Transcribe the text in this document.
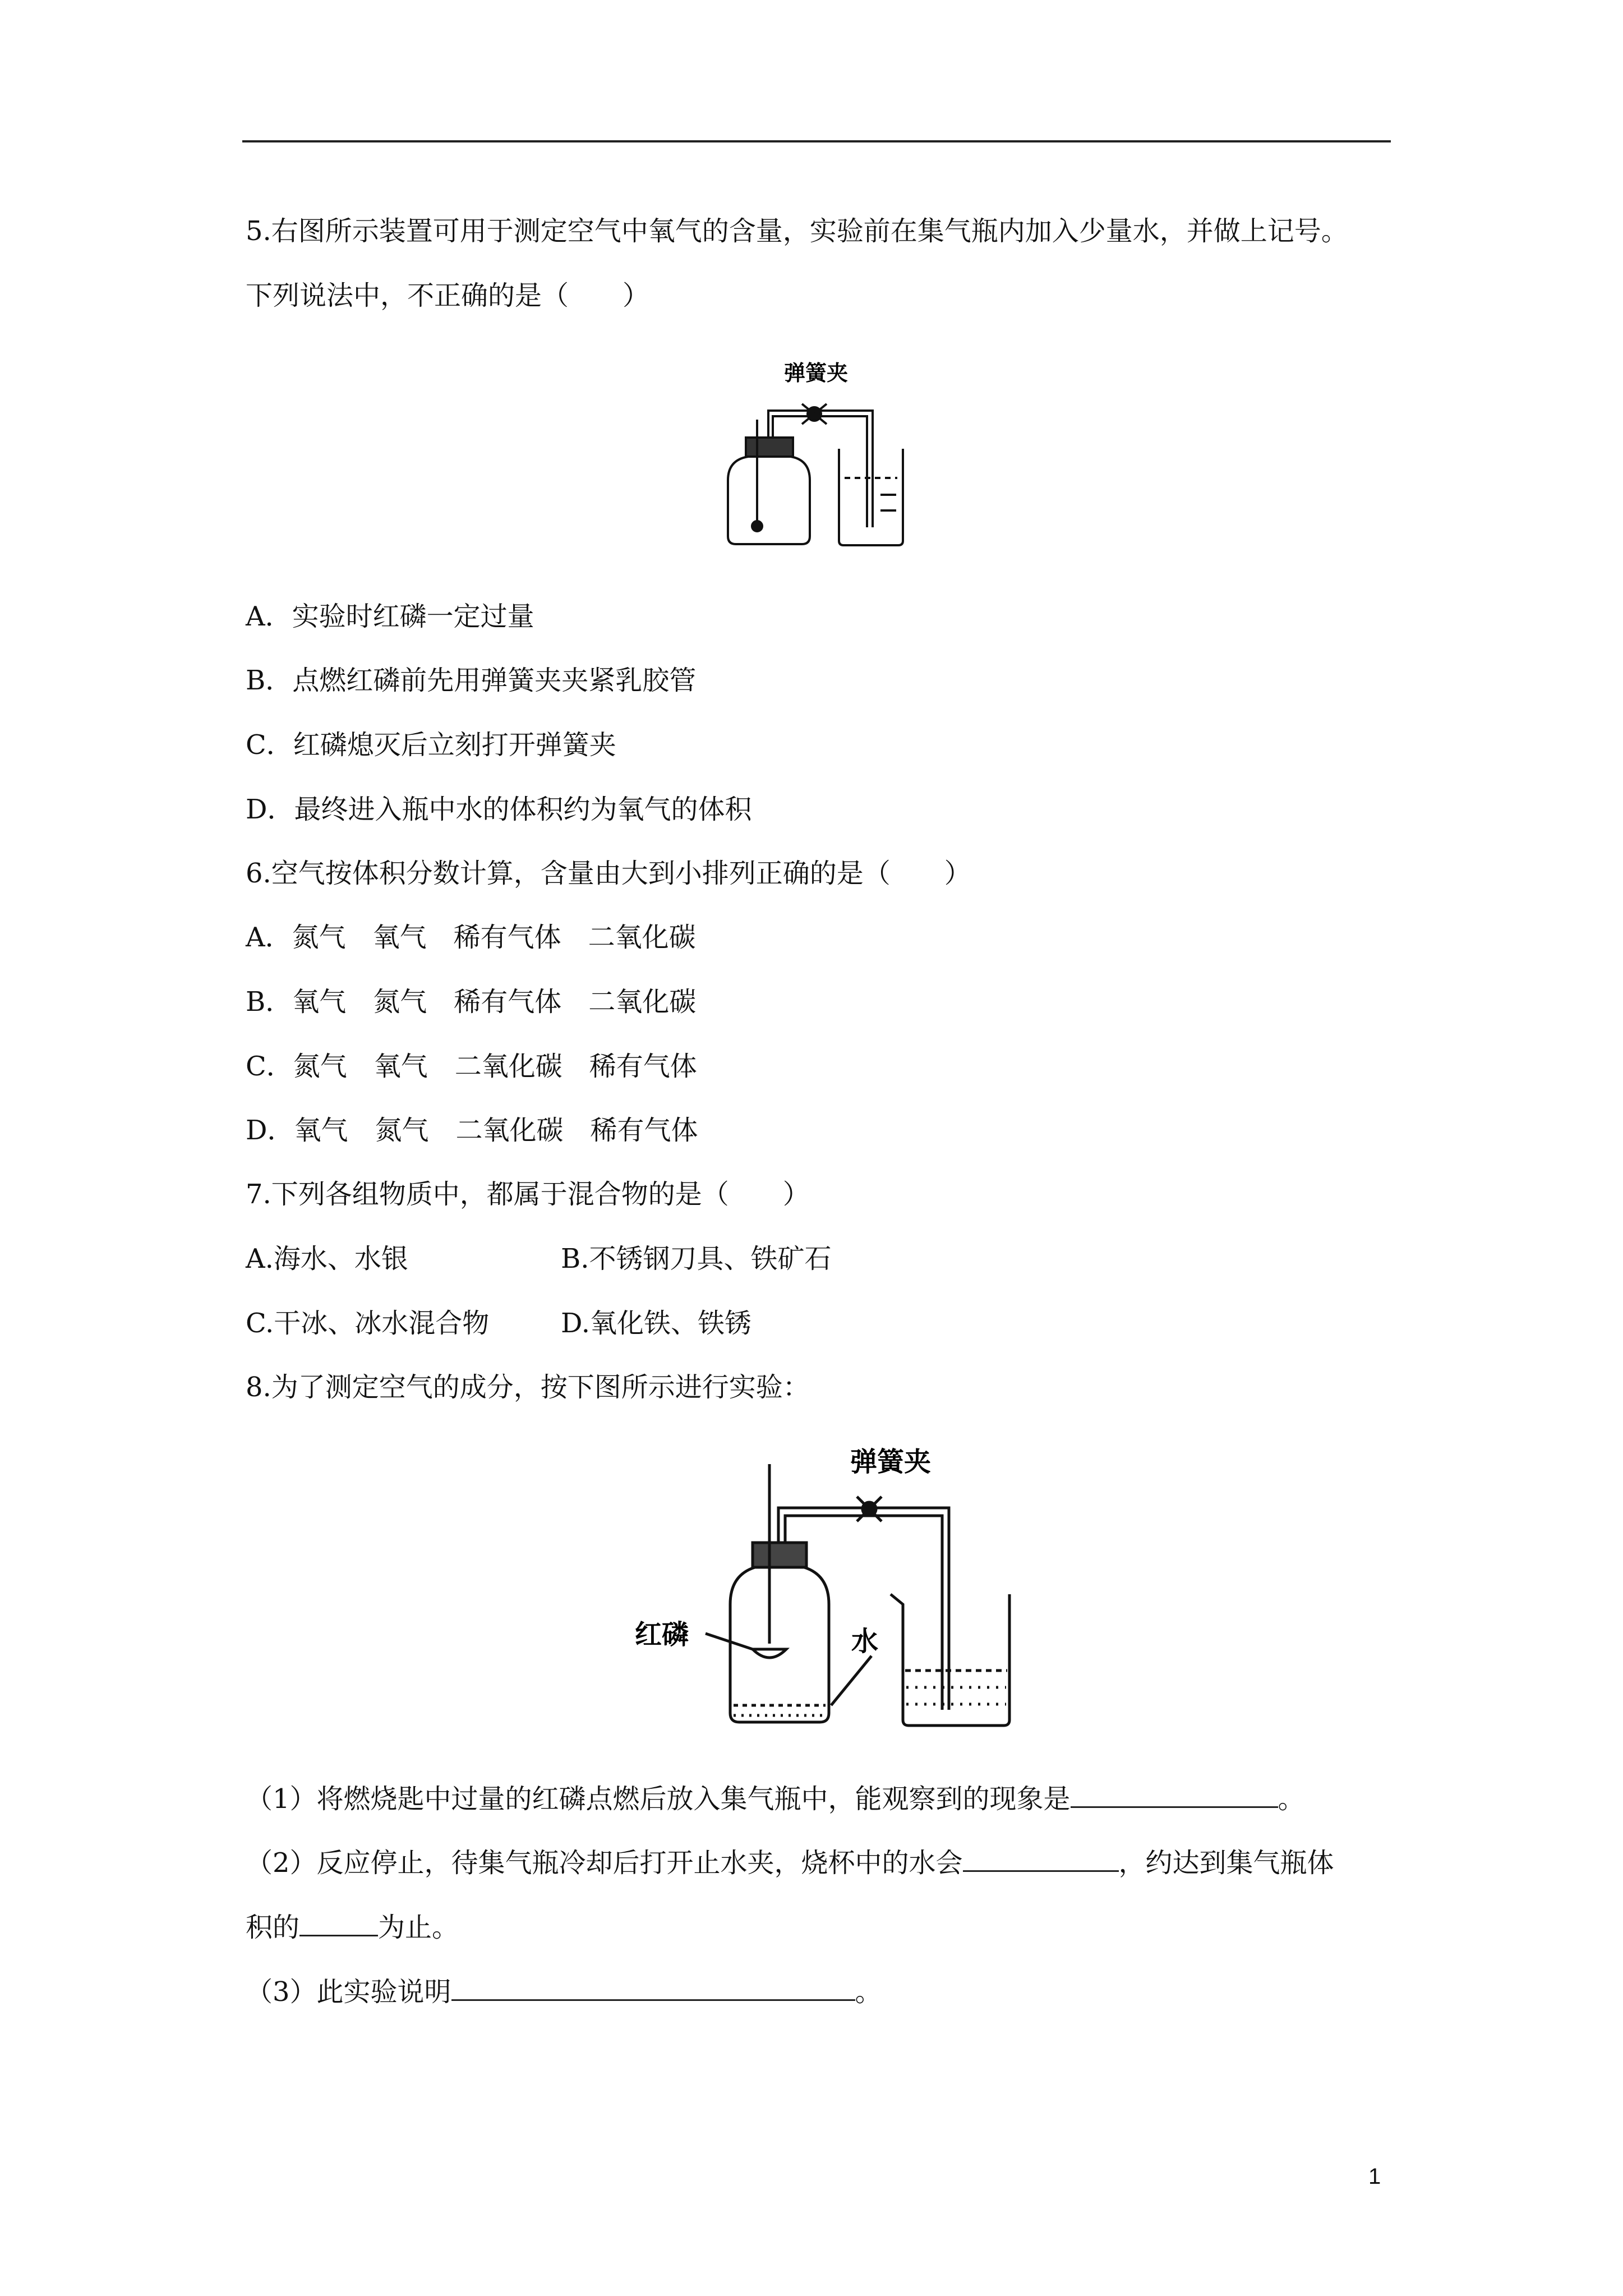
5.右图所示装置可用于测定空气中氧气的含量，实验前在集气瓶内加入少量水，并做上记号。
下列说法中，不正确的是（　　）
弹簧夹
A．实验时红磷一定过量
B．点燃红磷前先用弹簧夹夹紧乳胶管
C．红磷熄灭后立刻打开弹簧夹
D．最终进入瓶中水的体积约为氧气的体积
6.空气按体积分数计算，含量由大到小排列正确的是（　　）
A．氮气　氧气　稀有气体　二氧化碳
B．氧气　氮气　稀有气体　二氧化碳
C．氮气　氧气　二氧化碳　稀有气体
D．氧气　氮气　二氧化碳　稀有气体
7.下列各组物质中，都属于混合物的是（　　）
A.海水、水银	B.不锈钢刀具、铁矿石
C.干冰、冰水混合物	D.氧化铁、铁锈
8.为了测定空气的成分，按下图所示进行实验：
弹簧夹
红磷	水
（1）将燃烧匙中过量的红磷点燃后放入集气瓶中，能观察到的现象是	。
（2）反应停止，待集气瓶冷却后打开止水夹，烧杯中的水会	，约达到集气瓶体
积的	为止。
（3）此实验说明	。
1
